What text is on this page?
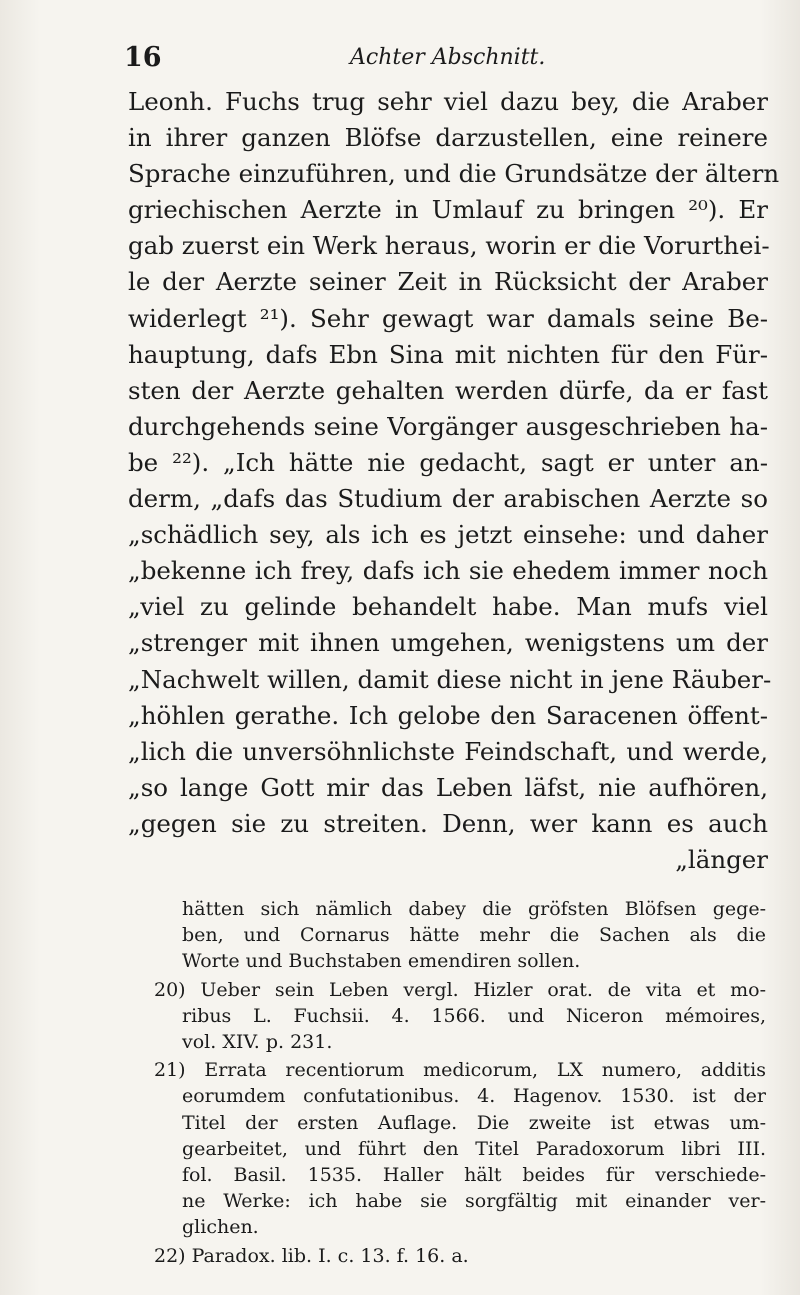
16	Achter Abschnitt.
Leonh. Fuchs trug sehr viel dazu bey, die Araber
in ihrer ganzen Blöfse darzustellen, eine reinere
Sprache einzuführen, und die Grundsätze der ältern
griechischen Aerzte in Umlauf zu bringen ²⁰). Er
gab zuerst ein Werk heraus, worin er die Vorurthei-
le der Aerzte seiner Zeit in Rücksicht der Araber
widerlegt ²¹). Sehr gewagt war damals seine Be-
hauptung, dafs Ebn Sina mit nichten für den Für-
sten der Aerzte gehalten werden dürfe, da er fast
durchgehends seine Vorgänger ausgeschrieben ha-
be ²²). „Ich hätte nie gedacht, sagt er unter an-
derm, „dafs das Studium der arabischen Aerzte so
„schädlich sey, als ich es jetzt einsehe: und daher
„bekenne ich frey, dafs ich sie ehedem immer noch
„viel zu gelinde behandelt habe. Man mufs viel
„strenger mit ihnen umgehen, wenigstens um der
„Nachwelt willen, damit diese nicht in jene Räuber-
„höhlen gerathe. Ich gelobe den Saracenen öffent-
„lich die unversöhnlichste Feindschaft, und werde,
„so lange Gott mir das Leben läfst, nie aufhören,
„gegen sie zu streiten. Denn, wer kann es auch
„länger
hätten sich nämlich dabey die gröfsten Blöfsen gege-
ben, und Cornarus hätte mehr die Sachen als die
Worte und Buchstaben emendiren sollen.
20) Ueber sein Leben vergl. Hizler orat. de vita et mo-
ribus L. Fuchsii. 4. 1566. und Niceron mémoires,
vol. XIV. p. 231.
21) Errata recentiorum medicorum, LX numero, additis
eorumdem confutationibus. 4. Hagenov. 1530. ist der
Titel der ersten Auflage. Die zweite ist etwas um-
gearbeitet, und führt den Titel Paradoxorum libri III.
fol. Basil. 1535. Haller hält beides für verschiede-
ne Werke: ich habe sie sorgfältig mit einander ver-
glichen.
22) Paradox. lib. I. c. 13. f. 16. a.
